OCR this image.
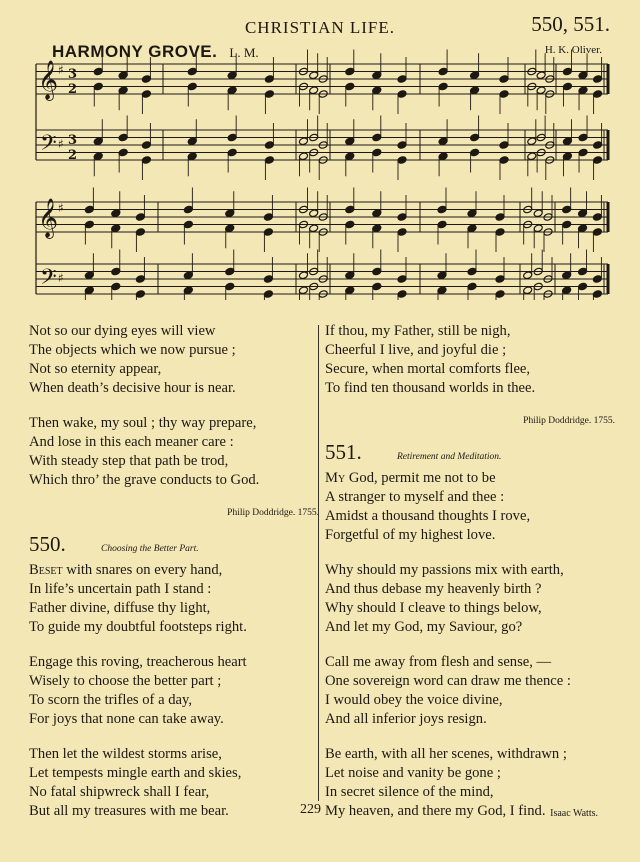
CHRISTIAN LIFE.	550, 551.
HARMONY GROVE. L. M.	H. K. Oliver.
𝄞
𝄢
♯
♯
3
2
3
2
𝄞
𝄢
♯
♯
Not so our dying eyes will view
The objects which we now pursue ;
Not so eternity appear,
When death’s decisive hour is near.
Then wake, my soul ; thy way prepare,
And lose in this each meaner care :
With steady step that path be trod,
Which thro’ the grave conducts to God.
Philip Doddridge. 1755.
550.	Choosing the Better Part.
Beset with snares on every hand,
In life’s uncertain path I stand :
Father divine, diffuse thy light,
To guide my doubtful footsteps right.
Engage this roving, treacherous heart
Wisely to choose the better part ;
To scorn the trifles of a day,
For joys that none can take away.
Then let the wildest storms arise,
Let tempests mingle earth and skies,
No fatal shipwreck shall I fear,
But all my treasures with me bear.
If thou, my Father, still be nigh,
Cheerful I live, and joyful die ;
Secure, when mortal comforts flee,
To find ten thousand worlds in thee.
Philip Doddridge. 1755.
551.	Retirement and Meditation.
My God, permit me not to be
A stranger to myself and thee :
Amidst a thousand thoughts I rove,
Forgetful of my highest love.
Why should my passions mix with earth,
And thus debase my heavenly birth ?
Why should I cleave to things below,
And let my God, my Saviour, go?
Call me away from flesh and sense, —
One sovereign word can draw me thence :
I would obey the voice divine,
And all inferior joys resign.
Be earth, with all her scenes, withdrawn ;
Let noise and vanity be gone ;
In secret silence of the mind,
My heaven, and there my God, I find.
229	Isaac Watts.
